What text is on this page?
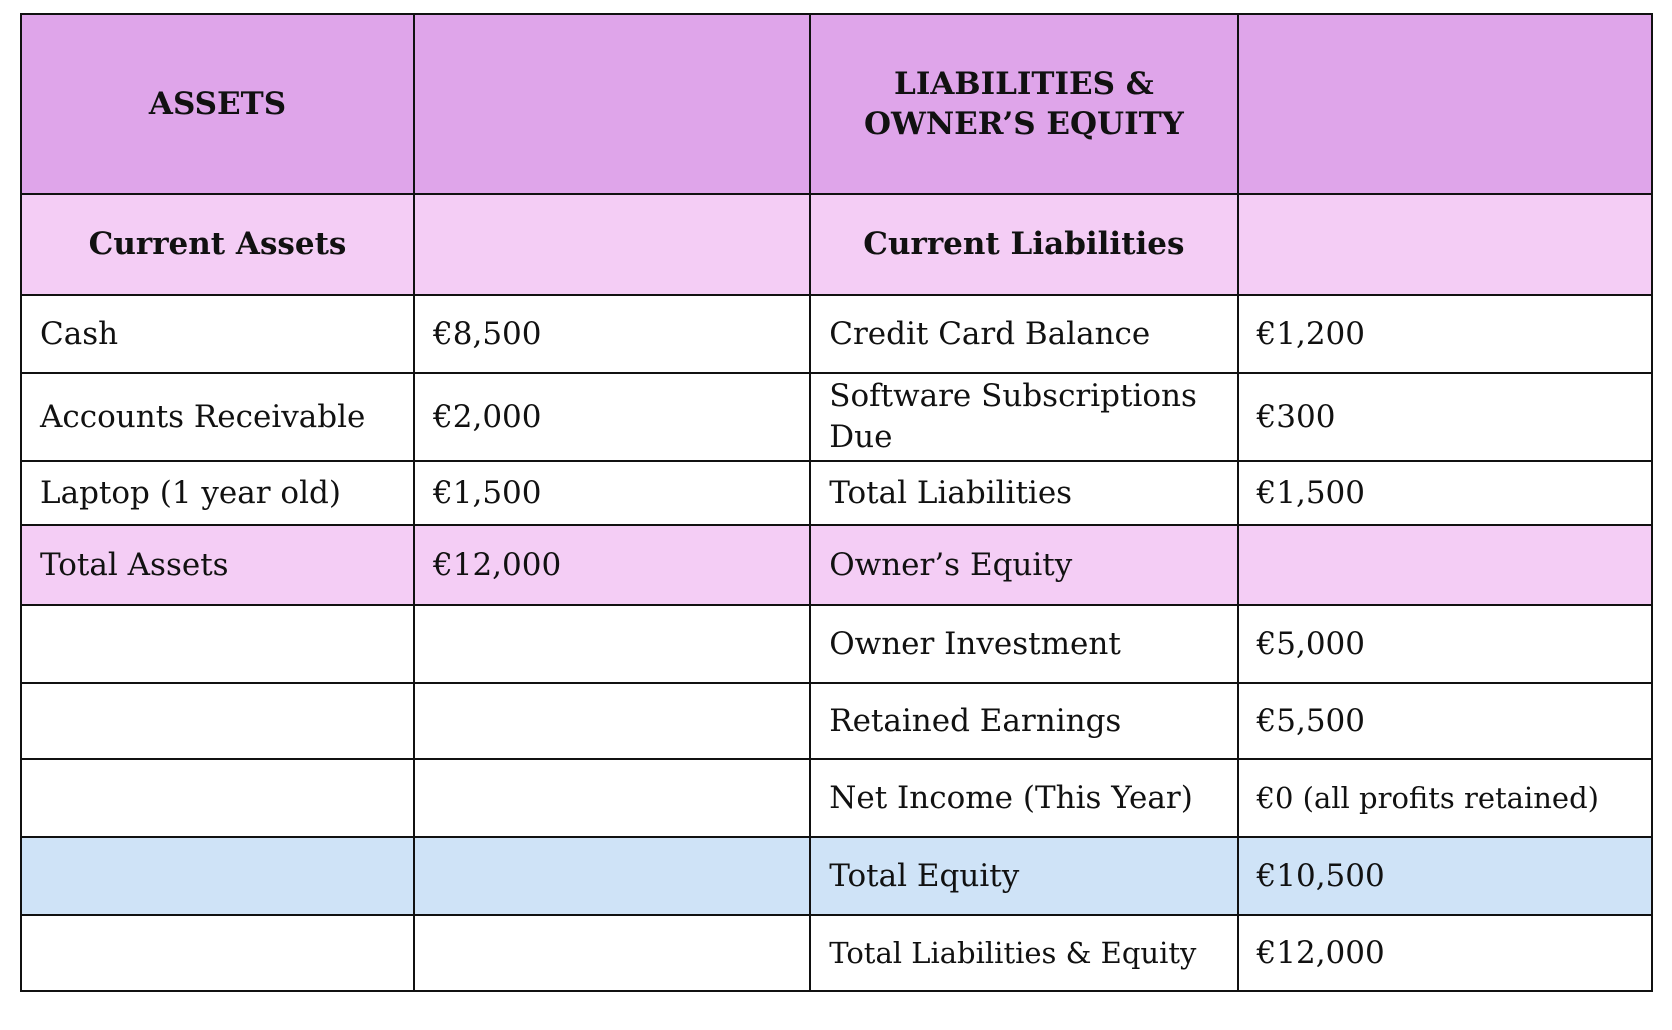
ASSETS		LIABILITIES &
OWNER’S EQUITY	

Current Assets		Current Liabilities	
Cash	€8,500	Credit Card Balance	€1,200
Accounts Receivable	€2,000	Software Subscriptions Due	€300
Laptop (1 year old)	€1,500	Total Liabilities	€1,500
Total Assets	€12,000	Owner’s Equity	
		Owner Investment	€5,000
		Retained Earnings	€5,500
		Net Income (This Year)	€0 (all profits retained)
		Total Equity	€10,500
		Total Liabilities & Equity	€12,000
